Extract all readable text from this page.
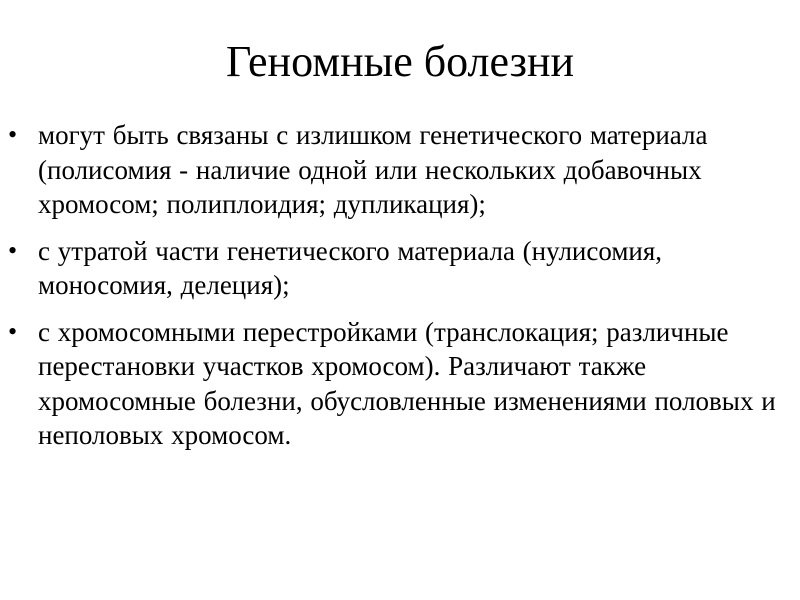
Геномные болезни
• могут быть связаны с излишком генетического материала (полисомия - наличие одной или нескольких добавочных хромосом; полиплоидия; дупликация);
• с утратой части генетического материала (нулисомия, моносомия, делеция);
• с хромосомными перестройками (транслокация; различные перестановки участков хромосом). Различают также хромосомные болезни, обусловленные изменениями половых и неполовых хромосом.
